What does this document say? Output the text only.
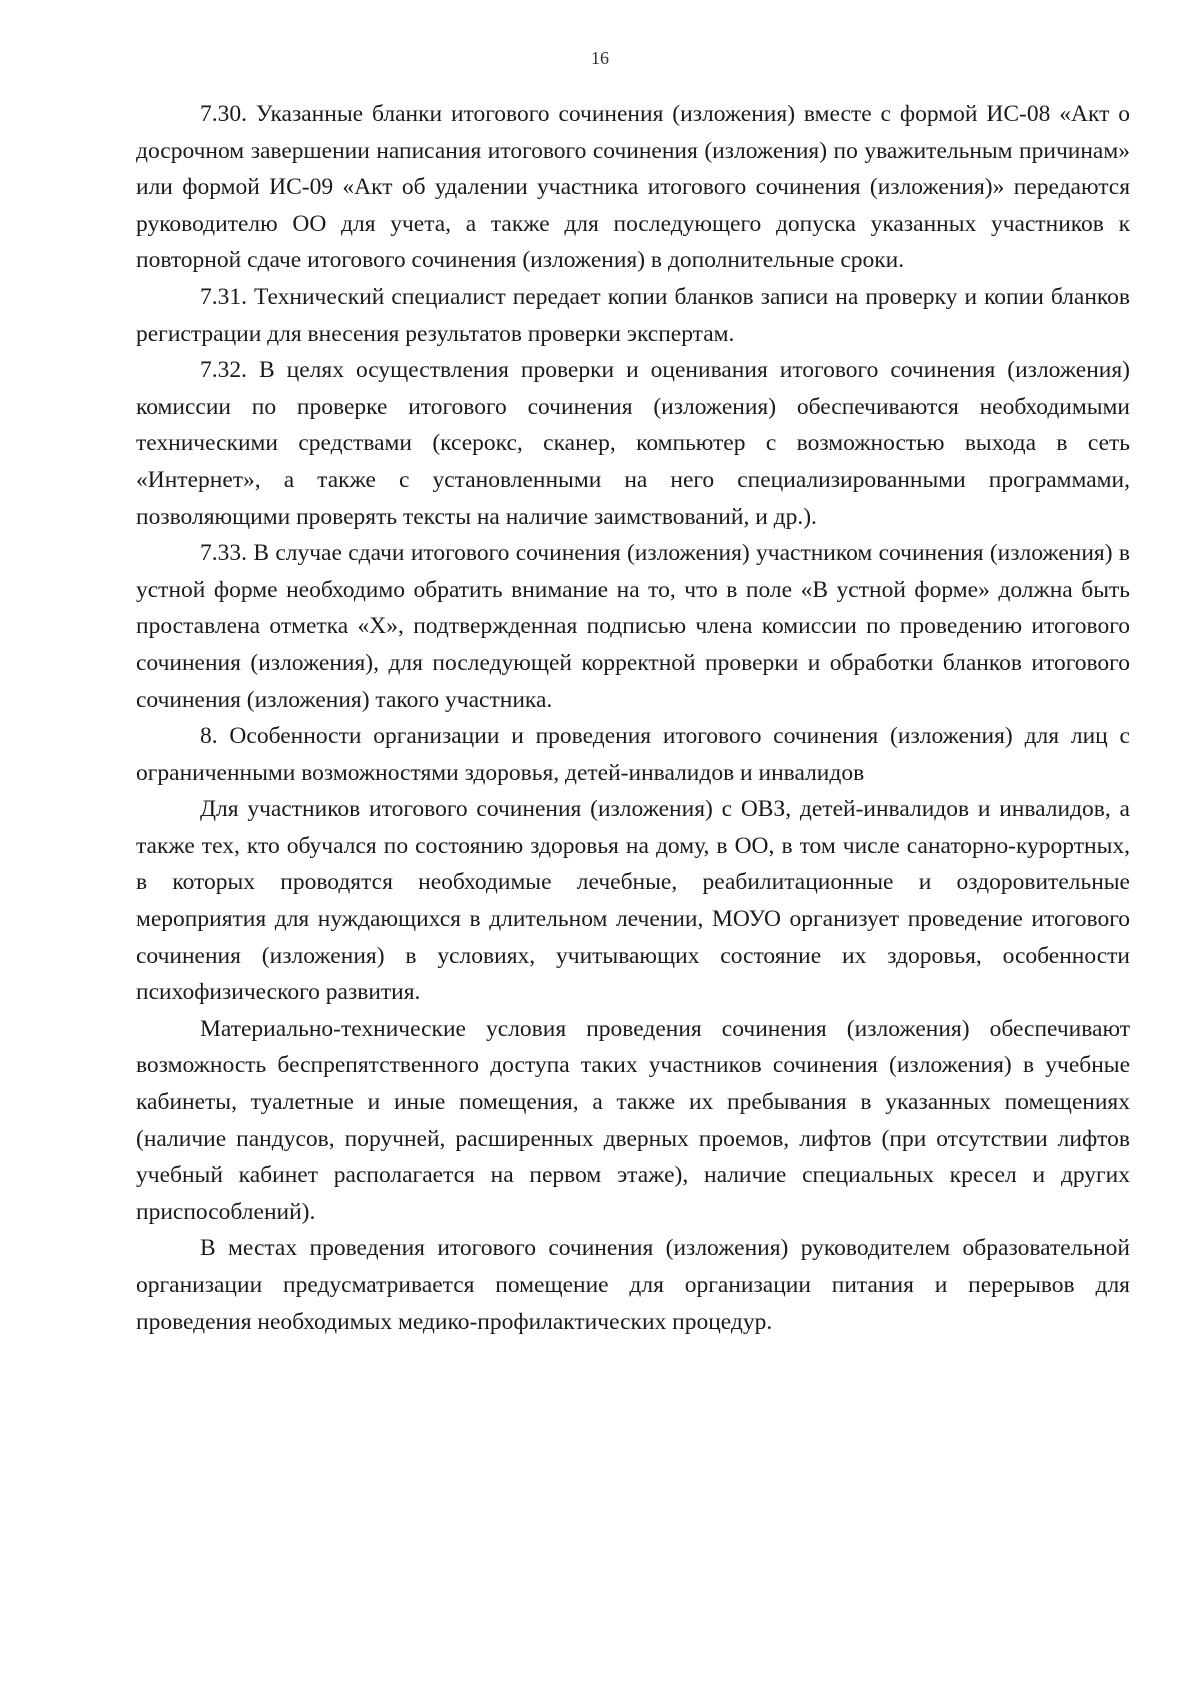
16

7.30. Указанные бланки итогового сочинения (изложения) вместе с формой ИС-08 «Акт о досрочном завершении написания итогового сочинения (изложения) по уважительным причинам» или формой ИС-09 «Акт об удалении участника итогового сочинения (изложения)» передаются руководителю ОО для учета, а также для последующего допуска указанных участников к повторной сдаче итогового сочинения (изложения) в дополнительные сроки.

7.31. Технический специалист передает копии бланков записи на проверку и копии бланков регистрации для внесения результатов проверки экспертам.

7.32. В целях осуществления проверки и оценивания итогового сочинения (изложения) комиссии по проверке итогового сочинения (изложения) обеспечиваются необходимыми техническими средствами (ксерокс, сканер, компьютер с возможностью выхода в сеть «Интернет», а также с установленными на него специализированными программами, позволяющими проверять тексты на наличие заимствований, и др.).

7.33. В случае сдачи итогового сочинения (изложения) участником сочинения (изложения) в устной форме необходимо обратить внимание на то, что в поле «В устной форме» должна быть проставлена отметка «Х», подтвержденная подписью члена комиссии по проведению итогового сочинения (изложения), для последующей корректной проверки и обработки бланков итогового сочинения (изложения) такого участника.

8. Особенности организации и проведения итогового сочинения (изложения) для лиц с ограниченными возможностями здоровья, детей-инвалидов и инвалидов

Для участников итогового сочинения (изложения) с ОВЗ, детей-инвалидов и инвалидов, а также тех, кто обучался по состоянию здоровья на дому, в ОО, в том числе санаторно-курортных, в которых проводятся необходимые лечебные, реабилитационные и оздоровительные мероприятия для нуждающихся в длительном лечении, МОУО организует проведение итогового сочинения (изложения) в условиях, учитывающих состояние их здоровья, особенности психофизического развития.

Материально-технические условия проведения сочинения (изложения) обеспечивают возможность беспрепятственного доступа таких участников сочинения (изложения) в учебные кабинеты, туалетные и иные помещения, а также их пребывания в указанных помещениях (наличие пандусов, поручней, расширенных дверных проемов, лифтов (при отсутствии лифтов учебный кабинет располагается на первом этаже), наличие специальных кресел и других приспособлений).

В местах проведения итогового сочинения (изложения) руководителем образовательной организации предусматривается помещение для организации питания и перерывов для проведения необходимых медико-профилактических процедур.
